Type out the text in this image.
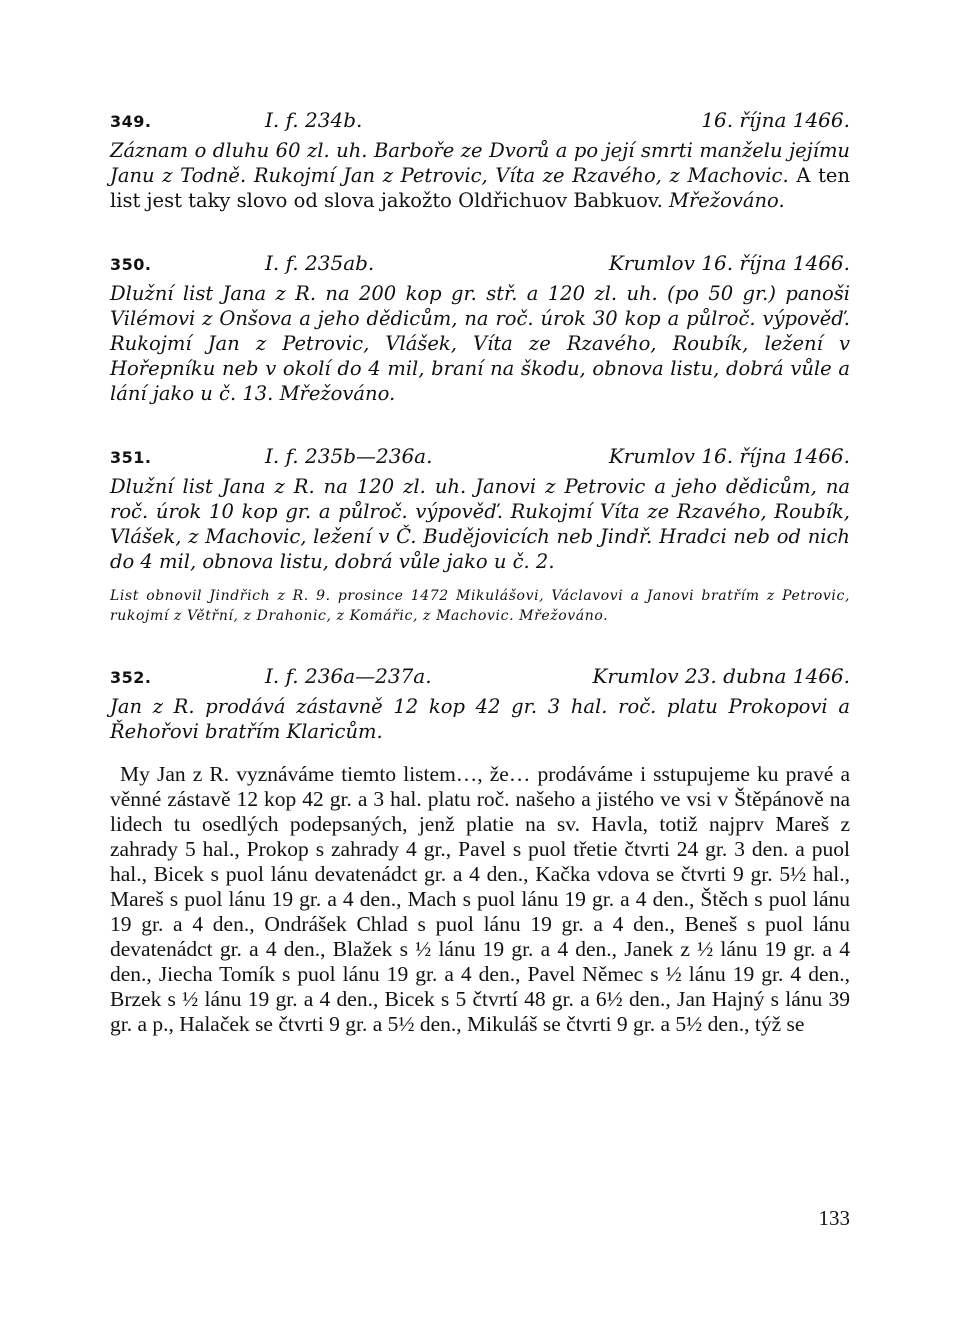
349.	I. f. 234b.	16. října 1466.

Záznam o dluhu 60 zl. uh. Barboře ze Dvorů a po její smrti manželu jejímu Janu z Todně. Rukojmí Jan z Petrovic, Víta ze Rzavého, z Machovic. A ten list jest taky slovo od slova jakožto Oldřichuov Babkuov. Mřežováno.

350.	I. f. 235ab.	Krumlov 16. října 1466.

Dlužní list Jana z R. na 200 kop gr. stř. a 120 zl. uh. (po 50 gr.) panoši Vilémovi z Onšova a jeho dědicům, na roč. úrok 30 kop a půlroč. výpověď. Rukojmí Jan z Petrovic, Vlášek, Víta ze Rzavého, Roubík, ležení v Hořepníku neb v okolí do 4 mil, braní na škodu, obnova listu, dobrá vůle a lání jako u č. 13. Mřežováno.

351.	I. f. 235b—236a.	Krumlov 16. října 1466.

Dlužní list Jana z R. na 120 zl. uh. Janovi z Petrovic a jeho dědicům, na roč. úrok 10 kop gr. a půlroč. výpověď. Rukojmí Víta ze Rzavého, Roubík, Vlášek, z Machovic, ležení v Č. Budějovicích neb Jindř. Hradci neb od nich do 4 mil, obnova listu, dobrá vůle jako u č. 2.

List obnovil Jindřich z R. 9. prosince 1472 Mikulášovi, Václavovi a Janovi bratřím z Petrovic, rukojmí z Větřní, z Drahonic, z Komářic, z Machovic. Mřežováno.

352.	I. f. 236a—237a.	Krumlov 23. dubna 1466.

Jan z R. prodává zástavně 12 kop 42 gr. 3 hal. roč. platu Prokopovi a Řehořovi bratřím Klaricům.

My Jan z R. vyznáváme tiemto listem…, že… prodáváme i sstupujeme ku pravé a věnné zástavě 12 kop 42 gr. a 3 hal. platu roč. našeho a jistého ve vsi v Štěpánově na lidech tu osedlých podepsaných, jenž platie na sv. Havla, totiž najprv Mareš z zahrady 5 hal., Prokop s zahrady 4 gr., Pavel s puol třetie čtvrti 24 gr. 3 den. a puol hal., Bicek s puol lánu devatenádct gr. a 4 den., Kačka vdova se čtvrti 9 gr. 5½ hal., Mareš s puol lánu 19 gr. a 4 den., Mach s puol lánu 19 gr. a 4 den., Štěch s puol lánu 19 gr. a 4 den., Ondrášek Chlad s puol lánu 19 gr. a 4 den., Beneš s puol lánu devatenádct gr. a 4 den., Blažek s ½ lánu 19 gr. a 4 den., Janek z ½ lánu 19 gr. a 4 den., Jiecha Tomík s puol lánu 19 gr. a 4 den., Pavel Němec s ½ lánu 19 gr. 4 den., Brzek s ½ lánu 19 gr. a 4 den., Bicek s 5 čtvrtí 48 gr. a 6½ den., Jan Hajný s lánu 39 gr. a p., Halaček se čtvrti 9 gr. a 5½ den., Mikuláš se čtvrti 9 gr. a 5½ den., týž se

133
